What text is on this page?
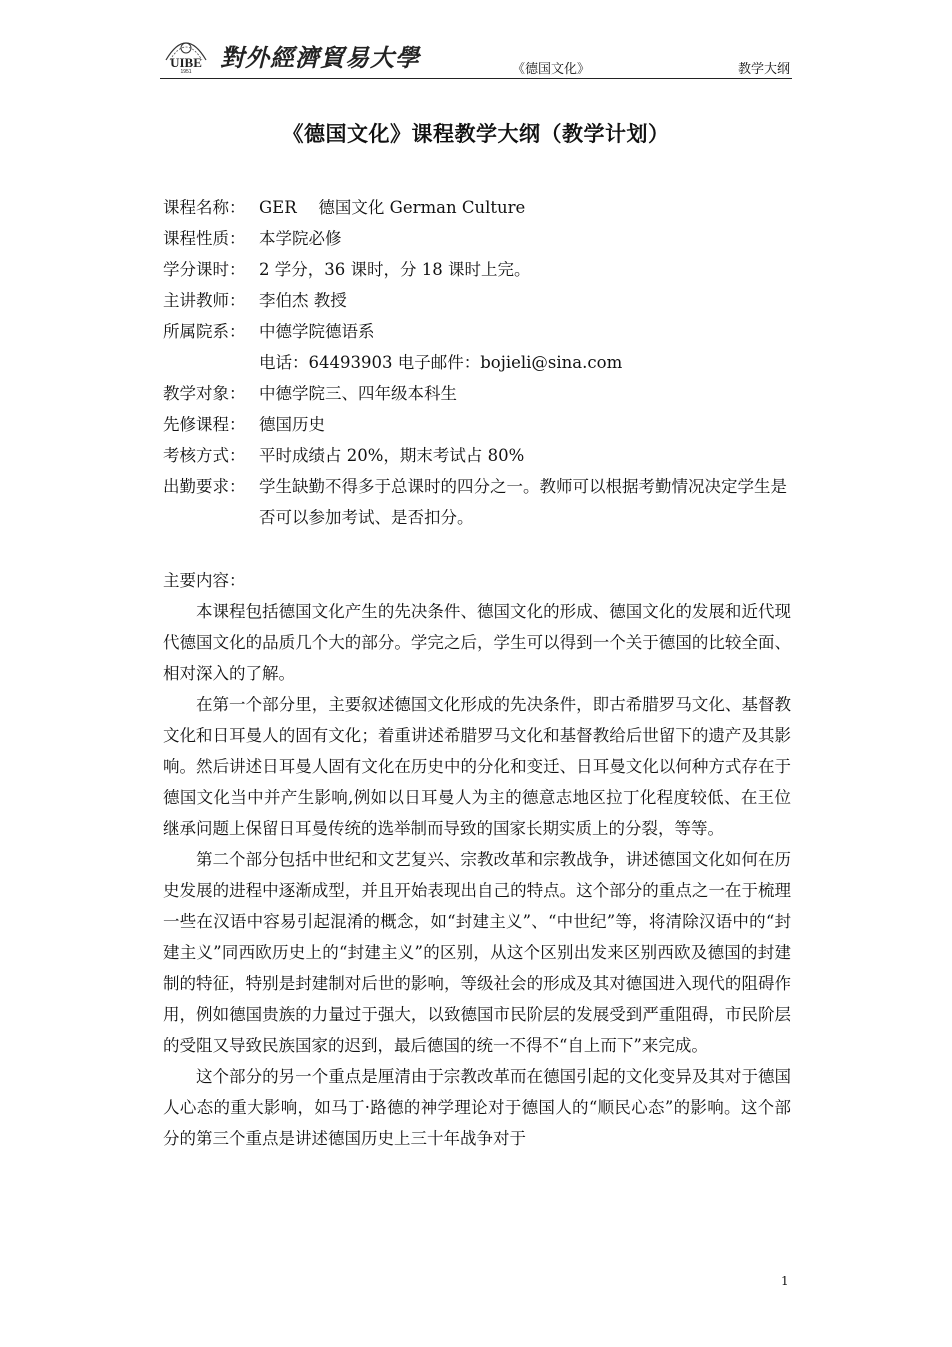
UIBE
1951 對外經濟貿易大學	《德国文化》	教学大纲
《德国文化》课程教学大纲（教学计划）
课程名称： GER　 德国文化 German Culture
课程性质： 本学院必修
学分课时： 2 学分，36 课时，分 18 课时上完。
主讲教师： 李伯杰 教授
所属院系： 中德学院德语系
电话：64493903 电子邮件：bojieli@sina.com
教学对象： 中德学院三、四年级本科生
先修课程： 德国历史
考核方式： 平时成绩占 20%，期末考试占 80%
出勤要求： 学生缺勤不得多于总课时的四分之一。教师可以根据考勤情况决定学生是否可以参加考试、是否扣分。
主要内容：

本课程包括德国文化产生的先决条件、德国文化的形成、德国文化的发展和近代现代德国文化的品质几个大的部分。学完之后，学生可以得到一个关于德国的比较全面、相对深入的了解。

在第一个部分里，主要叙述德国文化形成的先决条件，即古希腊罗马文化、基督教文化和日耳曼人的固有文化；着重讲述希腊罗马文化和基督教给后世留下的遗产及其影响。然后讲述日耳曼人固有文化在历史中的分化和变迁、日耳曼文化以何种方式存在于德国文化当中并产生影响,例如以日耳曼人为主的德意志地区拉丁化程度较低、在王位继承问题上保留日耳曼传统的选举制而导致的国家长期实质上的分裂，等等。

第二个部分包括中世纪和文艺复兴、宗教改革和宗教战争，讲述德国文化如何在历史发展的进程中逐渐成型，并且开始表现出自己的特点。这个部分的重点之一在于梳理一些在汉语中容易引起混淆的概念，如“封建主义”、“中世纪”等，将清除汉语中的“封建主义”同西欧历史上的“封建主义”的区别，从这个区别出发来区别西欧及德国的封建制的特征，特别是封建制对后世的影响，等级社会的形成及其对德国进入现代的阻碍作用，例如德国贵族的力量过于强大，以致德国市民阶层的发展受到严重阻碍，市民阶层的受阻又导致民族国家的迟到，最后德国的统一不得不“自上而下”来完成。

这个部分的另一个重点是厘清由于宗教改革而在德国引起的文化变异及其对于德国人心态的重大影响，如马丁·路德的神学理论对于德国人的“顺民心态”的影响。这个部分的第三个重点是讲述德国历史上三十年战争对于

1
